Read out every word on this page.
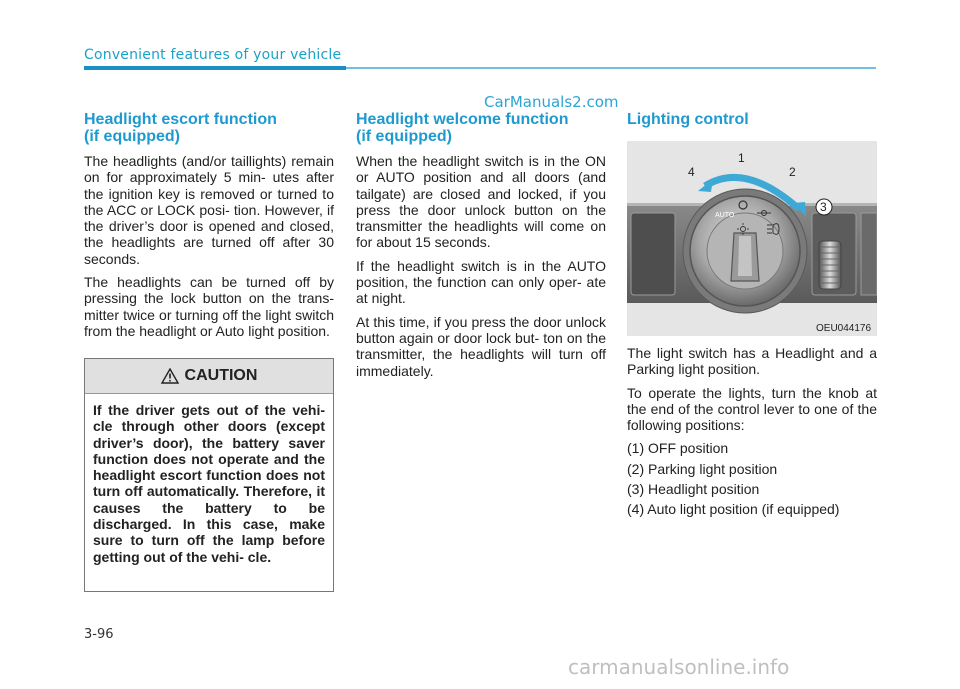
Convenient features of your vehicle
CarManuals2.com
Headlight escort function
(if equipped)

The headlights (and/or taillights) remain on for approximately 5 min- utes after the ignition key is removed or turned to the ACC or LOCK posi- tion. However, if the driver’s door is opened and closed, the headlights are turned off after 30 seconds.

The headlights can be turned off by pressing the lock button on the trans- mitter twice or turning off the light switch from the headlight or Auto light position.

CAUTION
If the driver gets out of the vehi- cle through other doors (except driver’s door), the battery saver function does not operate and the headlight escort function does not turn off automatically. Therefore, it causes the battery to be discharged. In this case, make sure to turn off the lamp before getting out of the vehi- cle.
Headlight welcome function
(if equipped)

When the headlight switch is in the ON or AUTO position and all doors (and tailgate) are closed and locked, if you press the door unlock button on the transmitter the headlights will come on for about 15 seconds.

If the headlight switch is in the AUTO position, the function can only oper- ate at night.

At this time, if you press the door unlock button again or door lock but- ton on the transmitter, the headlights will turn off immediately.

Lighting control
AUTO
1
2
3
4
OEU044176

The light switch has a Headlight and a Parking light position.

To operate the lights, turn the knob at the end of the control lever to one of the following positions:

(1) OFF position

(2) Parking light position

(3) Headlight position

(4) Auto light position (if equipped)

3-96
carmanualsonline.info
